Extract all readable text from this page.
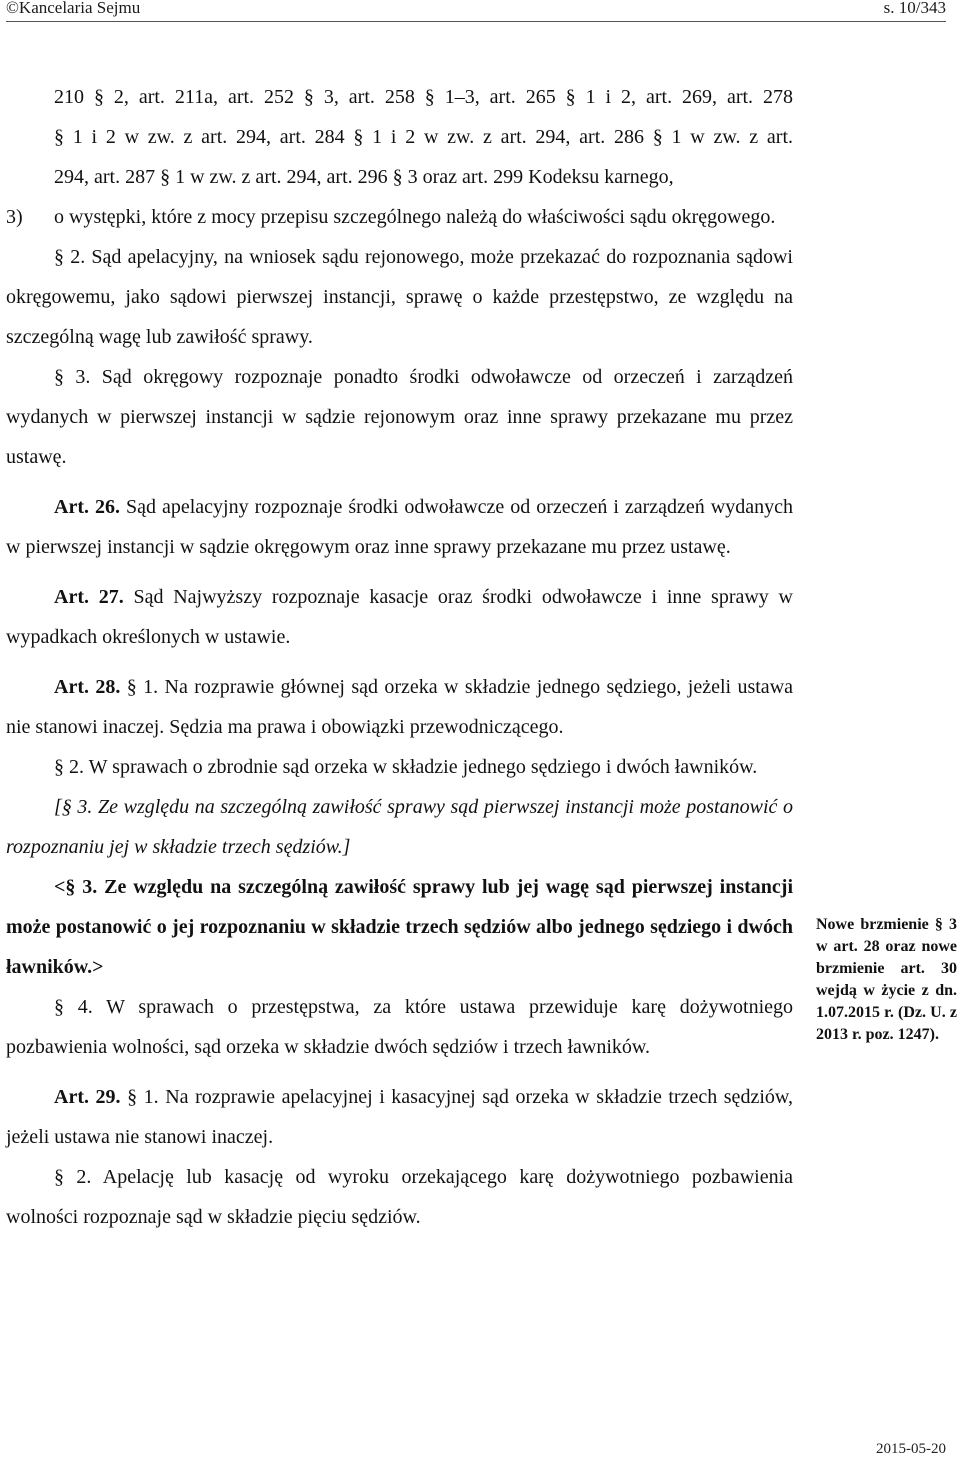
©Kancelaria Sejmu	s. 10/343

210 § 2, art. 211a, art. 252 § 3, art. 258 § 1–3, art. 265 § 1 i 2, art. 269, art. 278

§ 1 i 2 w zw. z art. 294, art. 284 § 1 i 2 w zw. z art. 294, art. 286 § 1 w zw. z art.

294, art. 287 § 1 w zw. z art. 294, art. 296 § 3 oraz art. 299 Kodeksu karnego,

3)	o występki, które z mocy przepisu szczególnego należą do właściwości sądu okręgowego.

§ 2. Sąd apelacyjny, na wniosek sądu rejonowego, może przekazać do rozpoznania sądowi okręgowemu, jako sądowi pierwszej instancji, sprawę o każde przestępstwo, ze względu na szczególną wagę lub zawiłość sprawy.

§ 3. Sąd okręgowy rozpoznaje ponadto środki odwoławcze od orzeczeń i zarządzeń wydanych w pierwszej instancji w sądzie rejonowym oraz inne sprawy przekazane mu przez ustawę.

Art. 26. Sąd apelacyjny rozpoznaje środki odwoławcze od orzeczeń i zarządzeń wydanych w pierwszej instancji w sądzie okręgowym oraz inne sprawy przekazane mu przez ustawę.

Art. 27. Sąd Najwyższy rozpoznaje kasacje oraz środki odwoławcze i inne sprawy w wypadkach określonych w ustawie.

Art. 28. § 1. Na rozprawie głównej sąd orzeka w składzie jednego sędziego, jeżeli ustawa nie stanowi inaczej. Sędzia ma prawa i obowiązki przewodniczącego.

§ 2. W sprawach o zbrodnie sąd orzeka w składzie jednego sędziego i dwóch ławników.

[§ 3. Ze względu na szczególną zawiłość sprawy sąd pierwszej instancji może postanowić o rozpoznaniu jej w składzie trzech sędziów.]

<§ 3. Ze względu na szczególną zawiłość sprawy lub jej wagę sąd pierwszej instancji może postanowić o jej rozpoznaniu w składzie trzech sędziów albo jednego sędziego i dwóch ławników.>

§ 4. W sprawach o przestępstwa, za które ustawa przewiduje karę dożywotniego pozbawienia wolności, sąd orzeka w składzie dwóch sędziów i trzech ławników.

Art. 29. § 1. Na rozprawie apelacyjnej i kasacyjnej sąd orzeka w składzie trzech sędziów, jeżeli ustawa nie stanowi inaczej.

§ 2. Apelację lub kasację od wyroku orzekającego karę dożywotniego pozbawienia wolności rozpoznaje sąd w składzie pięciu sędziów.

Nowe brzmienie § 3 w art. 28 oraz nowe brzmienie art. 30 wejdą w życie z dn. 1.07.2015 r. (Dz. U. z 2013 r. poz. 1247).
2015-05-20
